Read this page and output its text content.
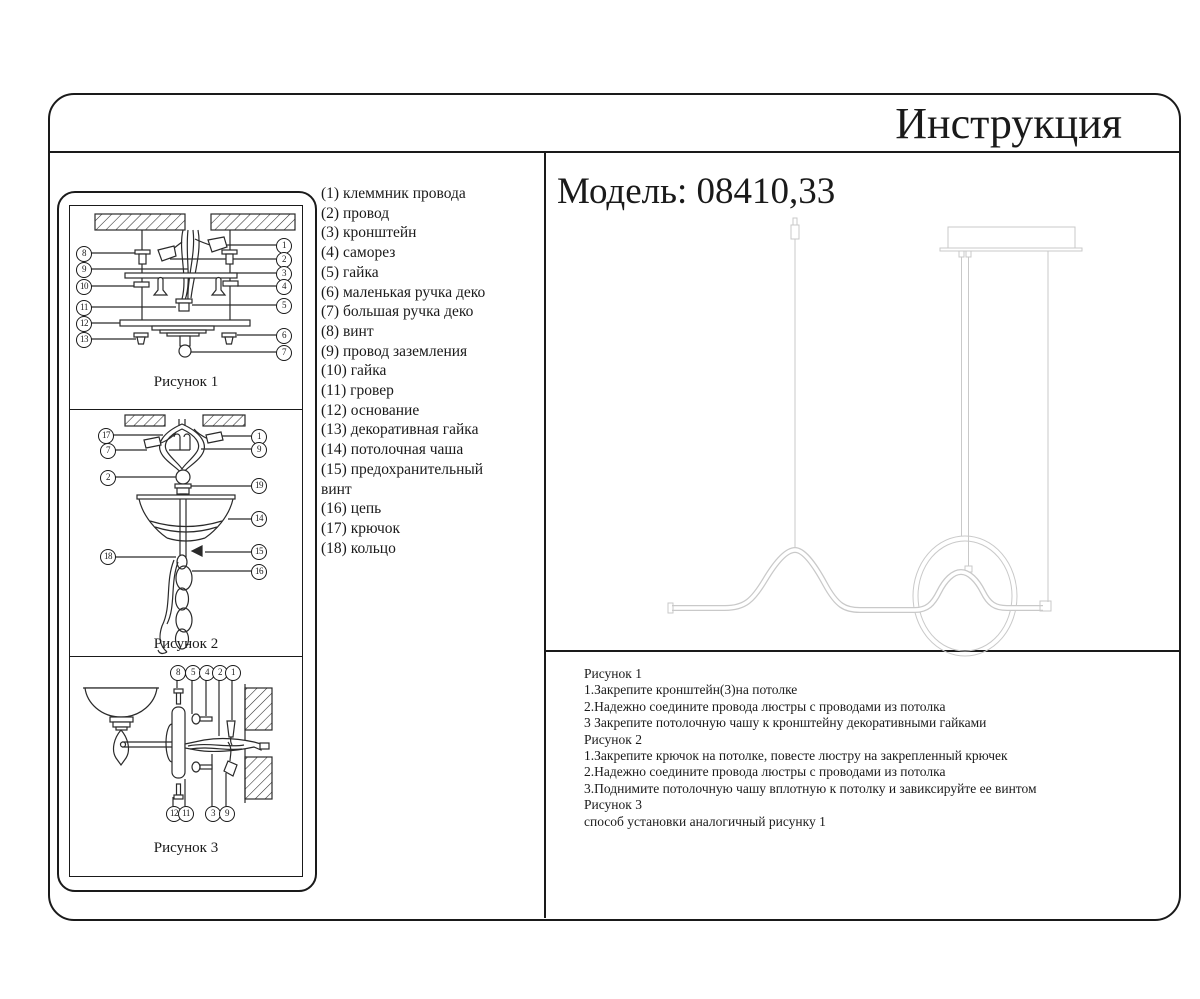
Инструкция
Модель: 08410,33
(1) клеммник провода
(2) провод
(3) кронштейн
(4) саморез
(5) гайка
(6) маленькая ручка деко
(7) большая ручка деко
(8) винт
(9) провод заземления
(10) гайка
(11) гровер
(12) основание
(13) декоративная гайка
(14) потолочная чаша
(15) предохранительный винт
(16) цепь
(17) крючок
(18) кольцо
8
9
10
11
12
13
1
2
3
4
5
6
7
Рисунок 1
17
7
2
18
1
9
19
14
15
16
Рисунок 2
8	5	4	2	1
12 11	3	9
Рисунок 3
Рисунок 1
1.Закрепите кронштейн(3)на потолке
2.Надежно соедините провода люстры с проводами из потолка
3 Закрепите потолочную чашу к кронштейну декоративными гайками
Рисунок 2
1.Закрепите крючок на потолке, повесте люстру на закрепленный крючек
2.Надежно соедините провода люстры с проводами из потолка
3.Поднимите потолочную чашу вплотную к потолку и завиксируйте ее винтом
Рисунок 3
способ установки аналогичный рисунку 1
